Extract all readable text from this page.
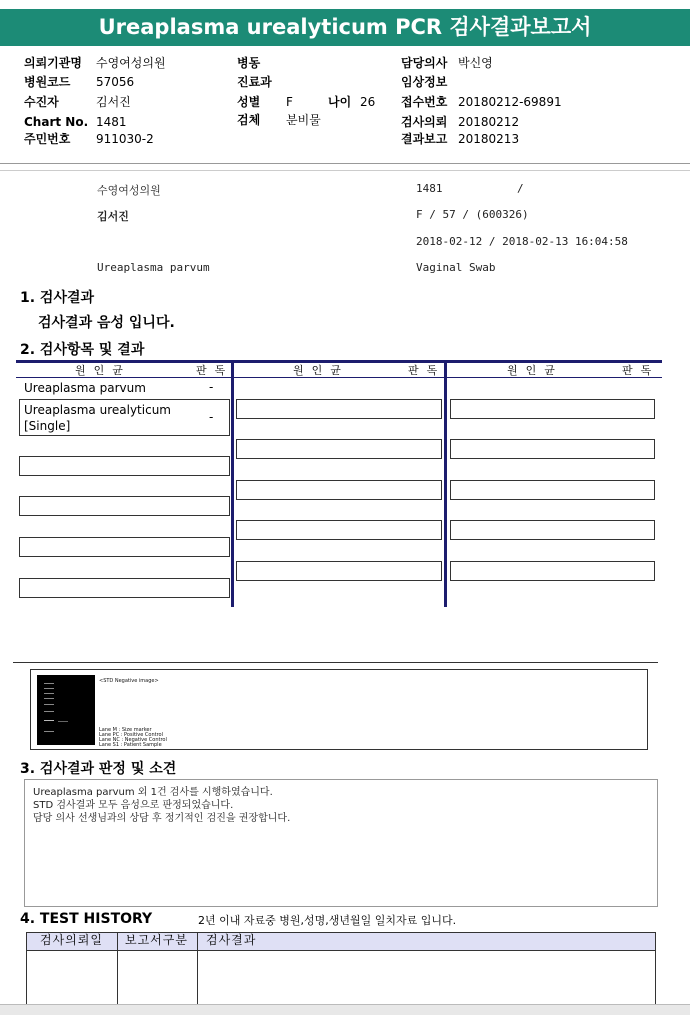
Ureaplasma urealyticum PCR 검사결과보고서
의뢰기관명 수영여성의원
병원코드 57056
수진자	김서진
Chart No. 1481
주민번호 911030-2
병동
진료과
성별 F	나이 26
검체 분비물
담당의사 박신영
임상정보
접수번호 20180212-69891
검사의뢰 20180212
결과보고 20180213
수영여성의원	1481	/
김서진	F / 57 / (600326)
2018-02-12 / 2018-02-13 16:04:58
Ureaplasma parvum	Vaginal Swab
1. 검사결과
검사결과 음성 입니다.
2. 검사항목 및 결과
원인균	판독	원인균	판독	원인균	판독
Ureaplasma parvum	-
Ureaplasma urealyticum
[Single]
-
<STD Negative image>
Lane M : Size marker
Lane PC : Positive Control
Lane NC : Negative Control
Lane S1 : Patient Sample
3. 검사결과 판정 및 소견
Ureaplasma parvum 외 1건 검사를 시행하였습니다.
STD 검사결과 모두 음성으로 판정되었습니다.
담당 의사 선생님과의 상담 후 정기적인 검진을 권장합니다.
4. TEST HISTORY	2년 이내 자료중 병원,성명,생년월일 일치자료 입니다.
검사의뢰일	보고서구분	검사결과
